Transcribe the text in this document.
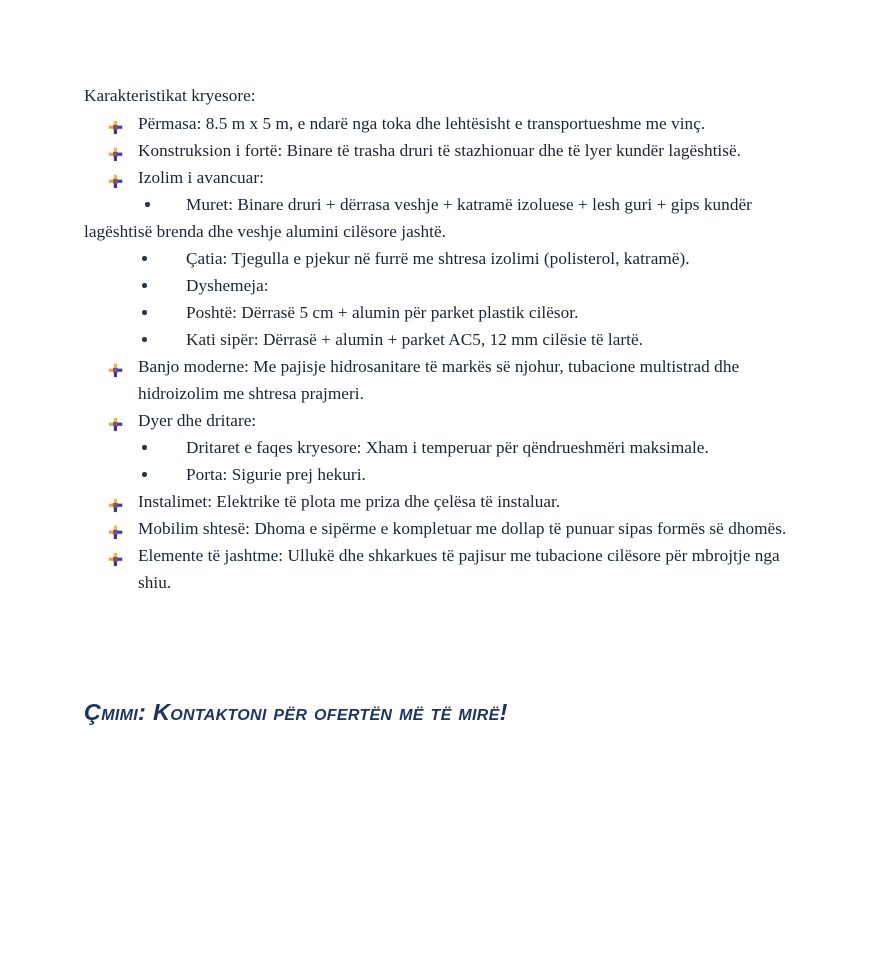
Karakteristikat kryesore:

Përmasa: 8.5 m x 5 m, e ndarë nga toka dhe lehtësisht e transportueshme me vinç.

Konstruksion i fortë: Binare të trasha druri të stazhionuar dhe të lyer kundër lagështisë.

Izolim i avancuar:

Muret: Binare druri + dërrasa veshje + katramë izoluese + lesh guri + gips kundër lagështisë brenda dhe veshje alumini cilësore jashtë.

Çatia: Tjegulla e pjekur në furrë me shtresa izolimi (polisterol, katramë).

Dyshemeja:

Poshtë: Dërrasë 5 cm + alumin për parket plastik cilësor.

Kati sipër: Dërrasë + alumin + parket AC5, 12 mm cilësie të lartë.

Banjo moderne: Me pajisje hidrosanitare të markës së njohur, tubacione multistrad dhe hidroizolim me shtresa prajmeri.

Dyer dhe dritare:

Dritaret e faqes kryesore: Xham i temperuar për qëndrueshmëri maksimale.

Porta: Sigurie prej hekuri.

Instalimet: Elektrike të plota me priza dhe çelësa të instaluar.

Mobilim shtesë: Dhoma e sipërme e kompletuar me dollap të punuar sipas formës së dhomës.

Elemente të jashtme: Ullukë dhe shkarkues të pajisur me tubacione cilësore për mbrojtje nga shiu.

Çmimi: Kontaktoni për ofertën më të mirë!
